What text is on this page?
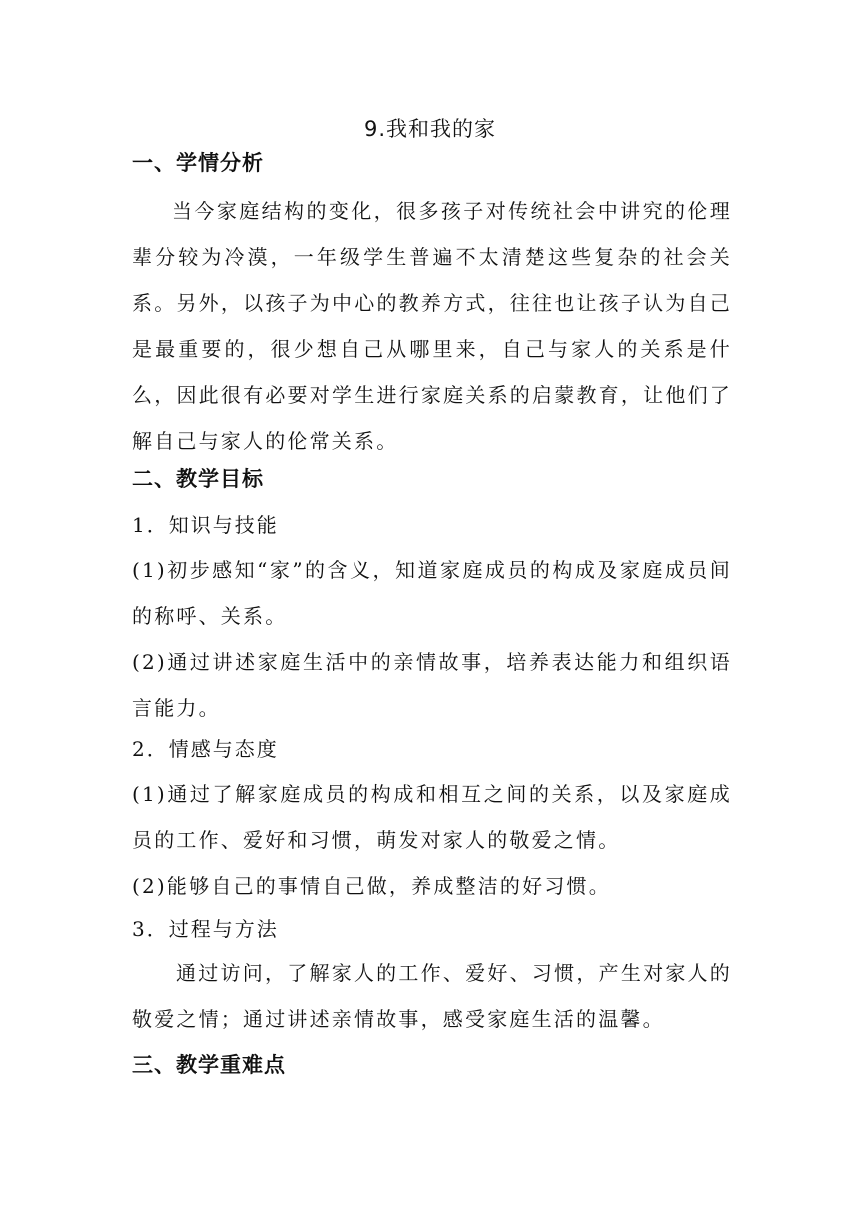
9.我和我的家
一、学情分析

当今家庭结构的变化，很多孩子对传统社会中讲究的伦理辈分较为冷漠，一年级学生普遍不太清楚这些复杂的社会关系。另外，以孩子为中心的教养方式，往往也让孩子认为自己是最重要的，很少想自己从哪里来，自己与家人的关系是什么，因此很有必要对学生进行家庭关系的启蒙教育，让他们了解自己与家人的伦常关系。

二、教学目标

1．知识与技能

(1)初步感知“家”的含义，知道家庭成员的构成及家庭成员间的称呼、关系。

(2)通过讲述家庭生活中的亲情故事，培养表达能力和组织语言能力。

2．情感与态度

(1)通过了解家庭成员的构成和相互之间的关系，以及家庭成员的工作、爱好和习惯，萌发对家人的敬爱之情。

(2)能够自己的事情自己做，养成整洁的好习惯。

3．过程与方法

通过访问，了解家人的工作、爱好、习惯，产生对家人的敬爱之情；通过讲述亲情故事，感受家庭生活的温馨。

三、教学重难点
